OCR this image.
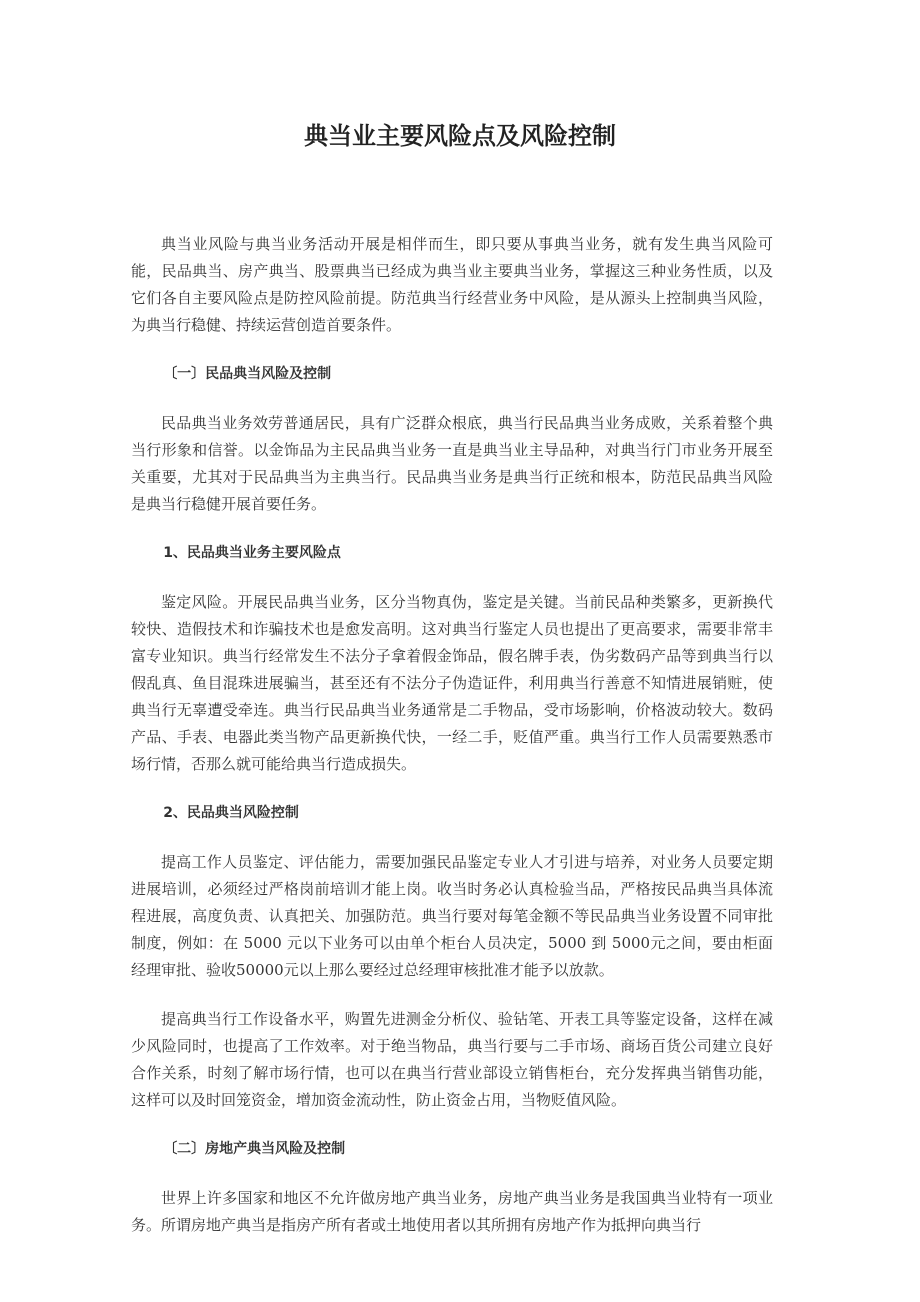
典当业主要风险点及风险控制

典当业风险与典当业务活动开展是相伴而生，即只要从事典当业务，就有发生典当风险可能，民品典当、房产典当、股票典当已经成为典当业主要典当业务，掌握这三种业务性质，以及它们各自主要风险点是防控风险前提。防范典当行经营业务中风险，是从源头上控制典当风险，为典当行稳健、持续运营创造首要条件。

〔一〕民品典当风险及控制

民品典当业务效劳普通居民，具有广泛群众根底，典当行民品典当业务成败，关系着整个典当行形象和信誉。以金饰品为主民品典当业务一直是典当业主导品种，对典当行门市业务开展至关重要，尤其对于民品典当为主典当行。民品典当业务是典当行正统和根本，防范民品典当风险是典当行稳健开展首要任务。

1、民品典当业务主要风险点

鉴定风险。开展民品典当业务，区分当物真伪，鉴定是关键。当前民品种类繁多，更新换代较快、造假技术和诈骗技术也是愈发高明。这对典当行鉴定人员也提出了更高要求，需要非常丰富专业知识。典当行经常发生不法分子拿着假金饰品，假名牌手表，伪劣数码产品等到典当行以假乱真、鱼目混珠进展骗当，甚至还有不法分子伪造证件，利用典当行善意不知情进展销赃，使典当行无辜遭受牵连。典当行民品典当业务通常是二手物品，受市场影响，价格波动较大。数码产品、手表、电器此类当物产品更新换代快，一经二手，贬值严重。典当行工作人员需要熟悉市场行情，否那么就可能给典当行造成损失。

2、民品典当风险控制

提高工作人员鉴定、评估能力，需要加强民品鉴定专业人才引进与培养，对业务人员要定期进展培训，必须经过严格岗前培训才能上岗。收当时务必认真检验当品，严格按民品典当具体流程进展，高度负责、认真把关、加强防范。典当行要对每笔金额不等民品典当业务设置不同审批制度，例如：在 5000 元以下业务可以由单个柜台人员决定，5000 到 5000元之间，要由柜面经理审批、验收50000元以上那么要经过总经理审核批准才能予以放款。

提高典当行工作设备水平，购置先进测金分析仪、验钻笔、开表工具等鉴定设备，这样在减少风险同时，也提高了工作效率。对于绝当物品，典当行要与二手市场、商场百货公司建立良好合作关系，时刻了解市场行情，也可以在典当行营业部设立销售柜台，充分发挥典当销售功能，这样可以及时回笼资金，增加资金流动性，防止资金占用，当物贬值风险。

〔二〕房地产典当风险及控制

世界上许多国家和地区不允许做房地产典当业务，房地产典当业务是我国典当业特有一项业务。所谓房地产典当是指房产所有者或土地使用者以其所拥有房地产作为抵押向典当行
